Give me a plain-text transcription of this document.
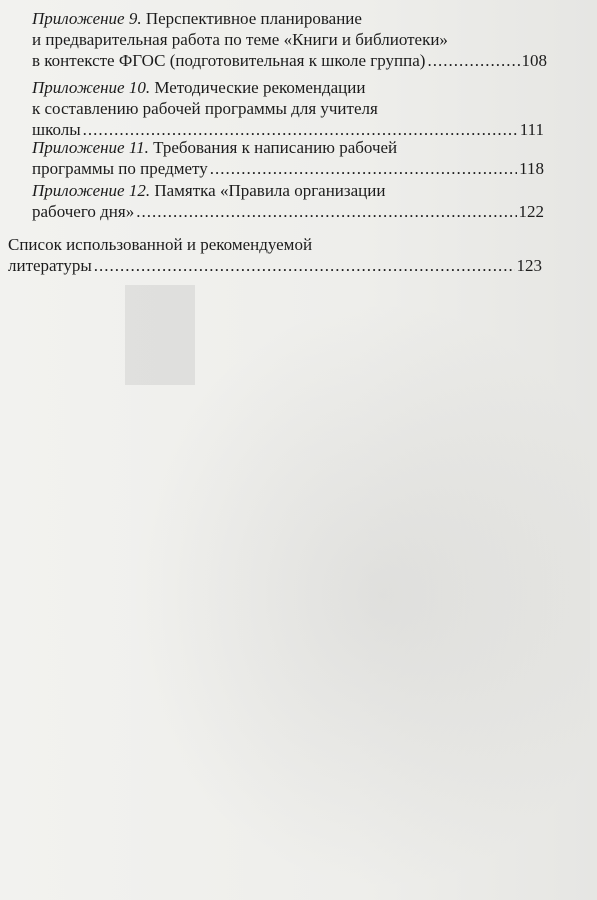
Приложение 9. Перспективное планирование
и предварительная работа по теме «Книги и библиотеки»
в контексте ФГОС (подготовительная к школе группа) .....	108
Приложение 10. Методические рекомендации
к составлению рабочей программы для учителя
школы .....	111
Приложение 11. Требования к написанию рабочей
программы по предмету .....	118
Приложение 12. Памятка «Правила организации
рабочего дня» .....	122
Список использованной и рекомендуемой
литературы .....	123
